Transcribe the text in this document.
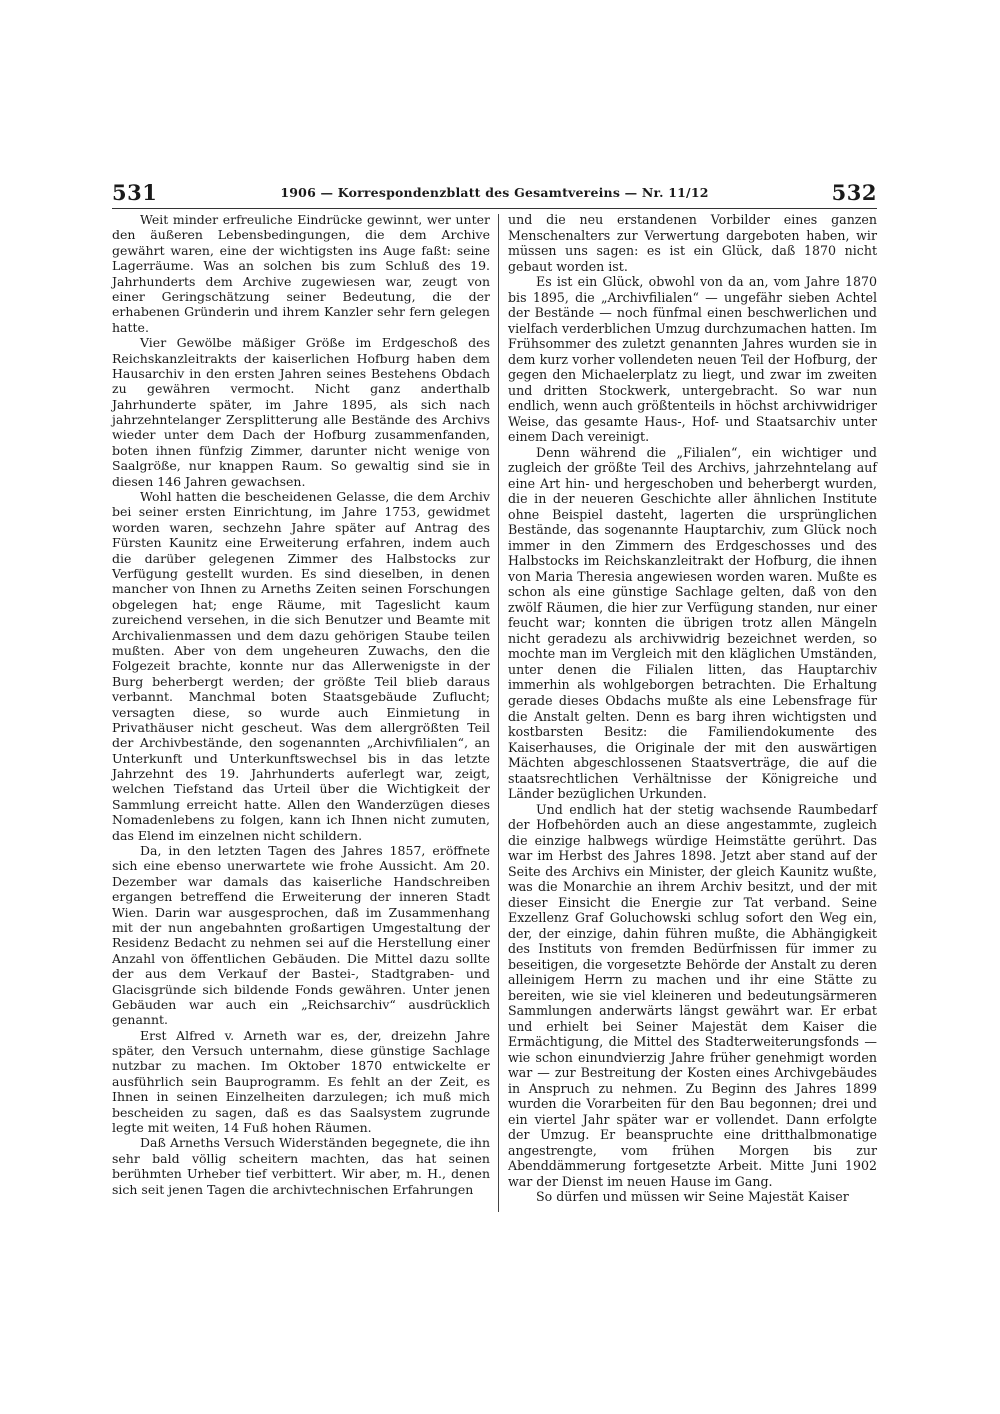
531	1906 — Korrespondenzblatt des Gesamtvereins — Nr. 11/12	532

Weit minder erfreuliche Eindrücke gewinnt, wer unter den äußeren Lebensbedingungen, die dem Archive gewährt waren, eine der wichtigsten ins Auge faßt: seine Lagerräume. Was an solchen bis zum Schluß des 19. Jahrhunderts dem Archive zugewiesen war, zeugt von einer Geringschätzung seiner Bedeutung, die der erhabenen Gründerin und ihrem Kanzler sehr fern gelegen hatte.

Vier Gewölbe mäßiger Größe im Erdgeschoß des Reichskanzleitrakts der kaiserlichen Hofburg haben dem Hausarchiv in den ersten Jahren seines Bestehens Obdach zu gewähren vermocht. Nicht ganz anderthalb Jahrhunderte später, im Jahre 1895, als sich nach jahrzehntelanger Zersplitterung alle Bestände des Archivs wieder unter dem Dach der Hofburg zusammenfanden, boten ihnen fünfzig Zimmer, darunter nicht wenige von Saalgröße, nur knappen Raum. So gewaltig sind sie in diesen 146 Jahren gewachsen.

Wohl hatten die bescheidenen Gelasse, die dem Archiv bei seiner ersten Einrichtung, im Jahre 1753, gewidmet worden waren, sechzehn Jahre später auf Antrag des Fürsten Kaunitz eine Erweiterung erfahren, indem auch die darüber gelegenen Zimmer des Halbstocks zur Verfügung gestellt wurden. Es sind dieselben, in denen mancher von Ihnen zu Arneths Zeiten seinen Forschungen obgelegen hat; enge Räume, mit Tageslicht kaum zureichend versehen, in die sich Benutzer und Beamte mit Archivalienmassen und dem dazu gehörigen Staube teilen mußten. Aber von dem ungeheuren Zuwachs, den die Folgezeit brachte, konnte nur das Allerwenigste in der Burg beherbergt werden; der größte Teil blieb daraus verbannt. Manchmal boten Staatsgebäude Zuflucht; versagten diese, so wurde auch Einmietung in Privathäuser nicht gescheut. Was dem allergrößten Teil der Archivbestände, den sogenannten „Archivfilialen“, an Unterkunft und Unterkunftswechsel bis in das letzte Jahrzehnt des 19. Jahrhunderts auferlegt war, zeigt, welchen Tiefstand das Urteil über die Wichtigkeit der Sammlung erreicht hatte. Allen den Wanderzügen dieses Nomadenlebens zu folgen, kann ich Ihnen nicht zumuten, das Elend im einzelnen nicht schildern.

Da, in den letzten Tagen des Jahres 1857, eröffnete sich eine ebenso unerwartete wie frohe Aussicht. Am 20. Dezember war damals das kaiserliche Handschreiben ergangen betreffend die Erweiterung der inneren Stadt Wien. Darin war ausgesprochen, daß im Zusammenhang mit der nun angebahnten großartigen Umgestaltung der Residenz Bedacht zu nehmen sei auf die Herstellung einer Anzahl von öffentlichen Gebäuden. Die Mittel dazu sollte der aus dem Verkauf der Bastei-, Stadtgraben- und Glacisgründe sich bildende Fonds gewähren. Unter jenen Gebäuden war auch ein „Reichsarchiv“ ausdrücklich genannt.

Erst Alfred v. Arneth war es, der, dreizehn Jahre später, den Versuch unternahm, diese günstige Sachlage nutzbar zu machen. Im Oktober 1870 entwickelte er ausführlich sein Bauprogramm. Es fehlt an der Zeit, es Ihnen in seinen Einzelheiten darzulegen; ich muß mich bescheiden zu sagen, daß es das Saalsystem zugrunde legte mit weiten, 14 Fuß hohen Räumen.

Daß Arneths Versuch Widerständen begegnete, die ihn sehr bald völlig scheitern machten, das hat seinen berühmten Urheber tief verbittert. Wir aber, m. H., denen sich seit jenen Tagen die archivtechnischen Erfahrungen

und die neu erstandenen Vorbilder eines ganzen Menschenalters zur Verwertung dargeboten haben, wir müssen uns sagen: es ist ein Glück, daß 1870 nicht gebaut worden ist.

Es ist ein Glück, obwohl von da an, vom Jahre 1870 bis 1895, die „Archivfilialen“ — ungefähr sieben Achtel der Bestände — noch fünfmal einen beschwerlichen und vielfach verderblichen Umzug durchzumachen hatten. Im Frühsommer des zuletzt genannten Jahres wurden sie in dem kurz vorher vollendeten neuen Teil der Hofburg, der gegen den Michaelerplatz zu liegt, und zwar im zweiten und dritten Stockwerk, untergebracht. So war nun endlich, wenn auch größtenteils in höchst archivwidriger Weise, das gesamte Haus-, Hof- und Staatsarchiv unter einem Dach vereinigt.

Denn während die „Filialen“, ein wichtiger und zugleich der größte Teil des Archivs, jahrzehntelang auf eine Art hin- und hergeschoben und beherbergt wurden, die in der neueren Geschichte aller ähnlichen Institute ohne Beispiel dasteht, lagerten die ursprünglichen Bestände, das sogenannte Hauptarchiv, zum Glück noch immer in den Zimmern des Erdgeschosses und des Halbstocks im Reichskanzleitrakt der Hofburg, die ihnen von Maria Theresia angewiesen worden waren. Mußte es schon als eine günstige Sachlage gelten, daß von den zwölf Räumen, die hier zur Verfügung standen, nur einer feucht war; konnten die übrigen trotz allen Mängeln nicht geradezu als archivwidrig bezeichnet werden, so mochte man im Vergleich mit den kläglichen Umständen, unter denen die Filialen litten, das Hauptarchiv immerhin als wohlgeborgen betrachten. Die Erhaltung gerade dieses Obdachs mußte als eine Lebensfrage für die Anstalt gelten. Denn es barg ihren wichtigsten und kostbarsten Besitz: die Familiendokumente des Kaiserhauses, die Originale der mit den auswärtigen Mächten abgeschlossenen Staatsverträge, die auf die staatsrechtlichen Verhältnisse der Königreiche und Länder bezüglichen Urkunden.

Und endlich hat der stetig wachsende Raumbedarf der Hofbehörden auch an diese angestammte, zugleich die einzige halbwegs würdige Heimstätte gerührt. Das war im Herbst des Jahres 1898. Jetzt aber stand auf der Seite des Archivs ein Minister, der gleich Kaunitz wußte, was die Monarchie an ihrem Archiv besitzt, und der mit dieser Einsicht die Energie zur Tat verband. Seine Exzellenz Graf Goluchowski schlug sofort den Weg ein, der, der einzige, dahin führen mußte, die Abhängigkeit des Instituts von fremden Bedürfnissen für immer zu beseitigen, die vorgesetzte Behörde der Anstalt zu deren alleinigem Herrn zu machen und ihr eine Stätte zu bereiten, wie sie viel kleineren und bedeutungsärmeren Sammlungen anderwärts längst gewährt war. Er erbat und erhielt bei Seiner Majestät dem Kaiser die Ermächtigung, die Mittel des Stadterweiterungsfonds — wie schon einundvierzig Jahre früher genehmigt worden war — zur Bestreitung der Kosten eines Archivgebäudes in Anspruch zu nehmen. Zu Beginn des Jahres 1899 wurden die Vorarbeiten für den Bau begonnen; drei und ein viertel Jahr später war er vollendet. Dann erfolgte der Umzug. Er beanspruchte eine dritthalbmonatige angestrengte, vom frühen Morgen bis zur Abenddämmerung fortgesetzte Arbeit. Mitte Juni 1902 war der Dienst im neuen Hause im Gang.

So dürfen und müssen wir Seine Majestät Kaiser
